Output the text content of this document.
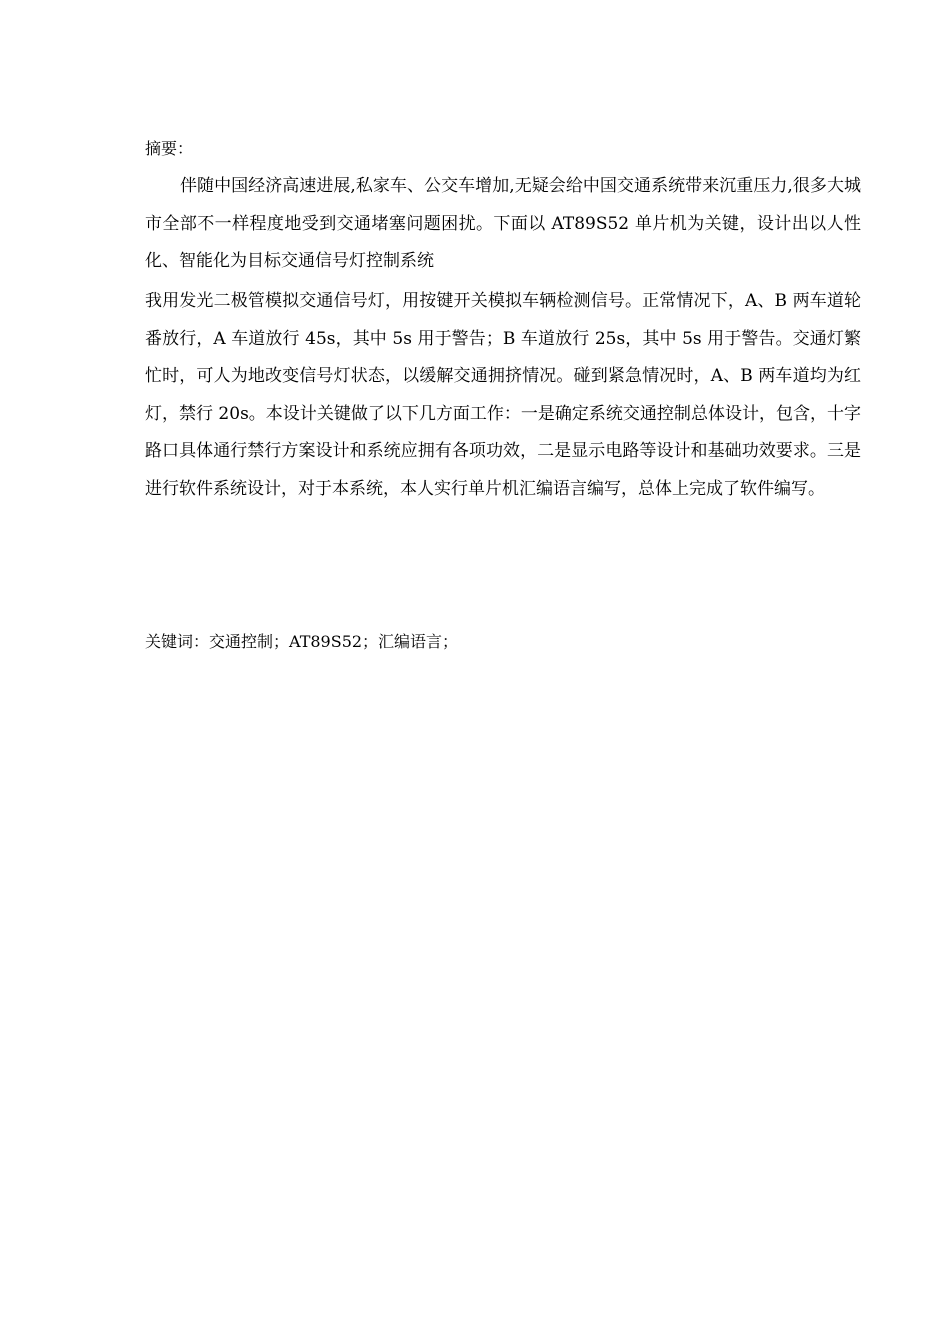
摘要：
伴随中国经济高速进展,私家车、公交车增加,无疑会给中国交通系统带来沉重压力,很多大城市全部不一样程度地受到交通堵塞问题困扰。下面以 AT89S52 单片机为关键，设计出以人性化、智能化为目标交通信号灯控制系统
我用发光二极管模拟交通信号灯，用按键开关模拟车辆检测信号。正常情况下，A、B 两车道轮番放行，A 车道放行 45s，其中 5s 用于警告；B 车道放行 25s，其中 5s 用于警告。交通灯繁忙时，可人为地改变信号灯状态，以缓解交通拥挤情况。碰到紧急情况时，A、B 两车道均为红灯，禁行 20s。本设计关键做了以下几方面工作：一是确定系统交通控制总体设计，包含，十字路口具体通行禁行方案设计和系统应拥有各项功效，二是显示电路等设计和基础功效要求。三是进行软件系统设计，对于本系统，本人实行单片机汇编语言编写，总体上完成了软件编写。
关键词：交通控制；AT89S52；汇编语言；
